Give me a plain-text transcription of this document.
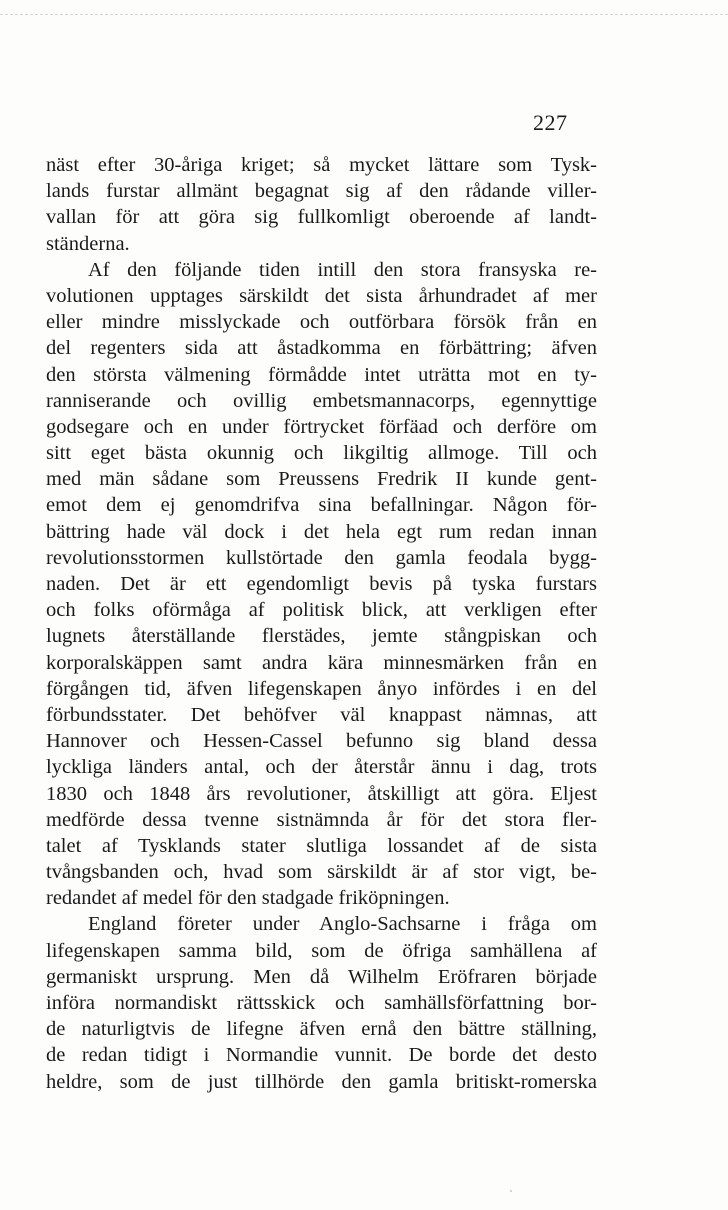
227
näst efter 30-åriga kriget; så mycket lättare som Tysk-
lands furstar allmänt begagnat sig af den rådande viller-
vallan för att göra sig fullkomligt oberoende af landt-
ständerna.
Af den följande tiden intill den stora fransyska re-
volutionen upptages särskildt det sista århundradet af mer
eller mindre misslyckade och outförbara försök från en
del regenters sida att åstadkomma en förbättring; äfven
den största välmening förmådde intet uträtta mot en ty-
ranniserande och ovillig embetsmannacorps, egennyttige
godsegare och en under förtrycket förfäad och derföre om
sitt eget bästa okunnig och likgiltig allmoge. Till och
med män sådane som Preussens Fredrik II kunde gent-
emot dem ej genomdrifva sina befallningar. Någon för-
bättring hade väl dock i det hela egt rum redan innan
revolutionsstormen kullstörtade den gamla feodala bygg-
naden. Det är ett egendomligt bevis på tyska furstars
och folks oförmåga af politisk blick, att verkligen efter
lugnets återställande flerstädes, jemte stångpiskan och
korporalskäppen samt andra kära minnesmärken från en
förgången tid, äfven lifegenskapen ånyo infördes i en del
förbundsstater. Det behöfver väl knappast nämnas, att
Hannover och Hessen-Cassel befunno sig bland dessa
lyckliga länders antal, och der återstår ännu i dag, trots
1830 och 1848 års revolutioner, åtskilligt att göra. Eljest
medförde dessa tvenne sistnämnda år för det stora fler-
talet af Tysklands stater slutliga lossandet af de sista
tvångsbanden och, hvad som särskildt är af stor vigt, be-
redandet af medel för den stadgade friköpningen.
England företer under Anglo-Sachsarne i fråga om
lifegenskapen samma bild, som de öfriga samhällena af
germaniskt ursprung. Men då Wilhelm Eröfraren började
införa normandiskt rättsskick och samhällsförfattning bor-
de naturligtvis de lifegne äfven ernå den bättre ställning,
de redan tidigt i Normandie vunnit. De borde det desto
heldre, som de just tillhörde den gamla britiskt-romerska
